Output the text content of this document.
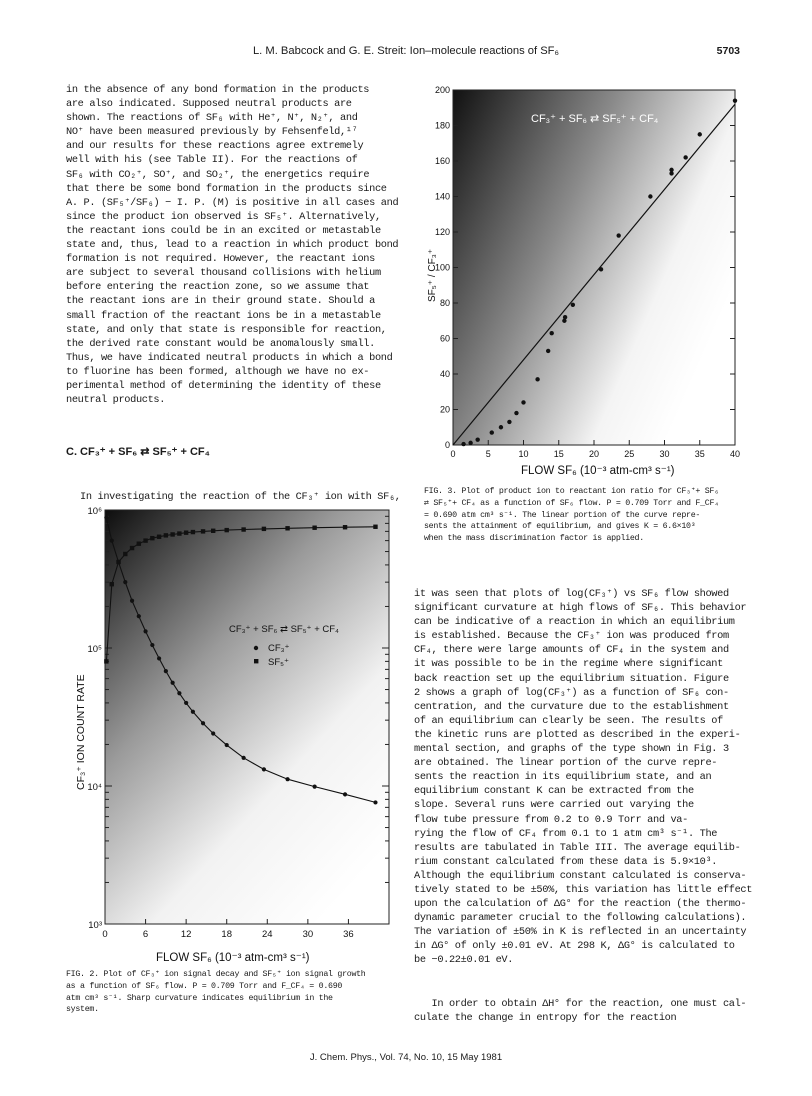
L. M. Babcock and G. E. Streit: Ion–molecule reactions of SF₆	5703
in the absence of any bond formation in the products
are also indicated. Supposed neutral products are
shown. The reactions of SF₆ with He⁺, N⁺, N₂⁺, and
NO⁺ have been measured previously by Fehsenfeld,¹⁷
and our results for these reactions agree extremely
well with his (see Table II). For the reactions of
SF₆ with CO₂⁺, SO⁺, and SO₂⁺, the energetics require
that there be some bond formation in the products since
A. P. (SF₅⁺/SF₆) − I. P. (M) is positive in all cases and
since the product ion observed is SF₅⁺. Alternatively,
the reactant ions could be in an excited or metastable
state and, thus, lead to a reaction in which product bond
formation is not required. However, the reactant ions
are subject to several thousand collisions with helium
before entering the reaction zone, so we assume that
the reactant ions are in their ground state. Should a
small fraction of the reactant ions be in a metastable
state, and only that state is responsible for reaction,
the derived rate constant would be anomalously small.
Thus, we have indicated neutral products in which a bond
to fluorine has been formed, although we have no ex-
perimental method of determining the identity of these
neutral products.
C. CF₃⁺ + SF₆ ⇄ SF₅⁺ + CF₄

In investigating the reaction of the CF₃⁺ ion with SF₆,

0	5	10	15	20	25	30	35	40
0
20
40
60
80
100
120
140
160
180
200
CF₃⁺ + SF₆ ⇄ SF₅⁺ + CF₄
SF₅⁺ / CF₃⁺
FLOW SF₆ (10⁻³ atm-cm³ s⁻¹)
FIG. 3. Plot of product ion to reactant ion ratio for CF₃⁺+ SF₆
⇄ SF₅⁺+ CF₄ as a function of SF₆ flow. P = 0.709 Torr and F_CF₄
= 0.690 atm cm³ s⁻¹. The linear portion of the curve repre-
sents the attainment of equilibrium, and gives K = 6.6×10³
when the mass discrimination factor is applied.
0	6	12	18	24	30	36
10³
10⁴
10⁵
10⁶
CF₃⁺ + SF₆ ⇄ SF₅⁺ + CF₄
CF₃⁺
SF₅⁺
CF₃⁺ ION COUNT RATE
FLOW SF₆ (10⁻³ atm-cm³ s⁻¹)
FIG. 2. Plot of CF₃⁺ ion signal decay and SF₅⁺ ion signal growth
as a function of SF₆ flow. P = 0.709 Torr and F_CF₄ = 0.690
atm cm³ s⁻¹. Sharp curvature indicates equilibrium in the
system.
it was seen that plots of log(CF₃⁺) vs SF₆ flow showed
significant curvature at high flows of SF₆. This behavior
can be indicative of a reaction in which an equilibrium
is established. Because the CF₃⁺ ion was produced from
CF₄, there were large amounts of CF₄ in the system and
it was possible to be in the regime where significant
back reaction set up the equilibrium situation. Figure
2 shows a graph of log(CF₃⁺) as a function of SF₆ con-
centration, and the curvature due to the establishment
of an equilibrium can clearly be seen. The results of
the kinetic runs are plotted as described in the experi-
mental section, and graphs of the type shown in Fig. 3
are obtained. The linear portion of the curve repre-
sents the reaction in its equilibrium state, and an
equilibrium constant K can be extracted from the
slope. Several runs were carried out varying the
flow tube pressure from 0.2 to 0.9 Torr and va-
rying the flow of CF₄ from 0.1 to 1 atm cm³ s⁻¹. The
results are tabulated in Table III. The average equilib-
rium constant calculated from these data is 5.9×10³.
Although the equilibrium constant calculated is conserva-
tively stated to be ±50%, this variation has little effect
upon the calculation of ΔG° for the reaction (the thermo-
dynamic parameter crucial to the following calculations).
The variation of ±50% in K is reflected in an uncertainty
in ΔG° of only ±0.01 eV. At 298 K, ΔG° is calculated to
be −0.22±0.01 eV.
In order to obtain ΔH° for the reaction, one must cal-
culate the change in entropy for the reaction
J. Chem. Phys., Vol. 74, No. 10, 15 May 1981
